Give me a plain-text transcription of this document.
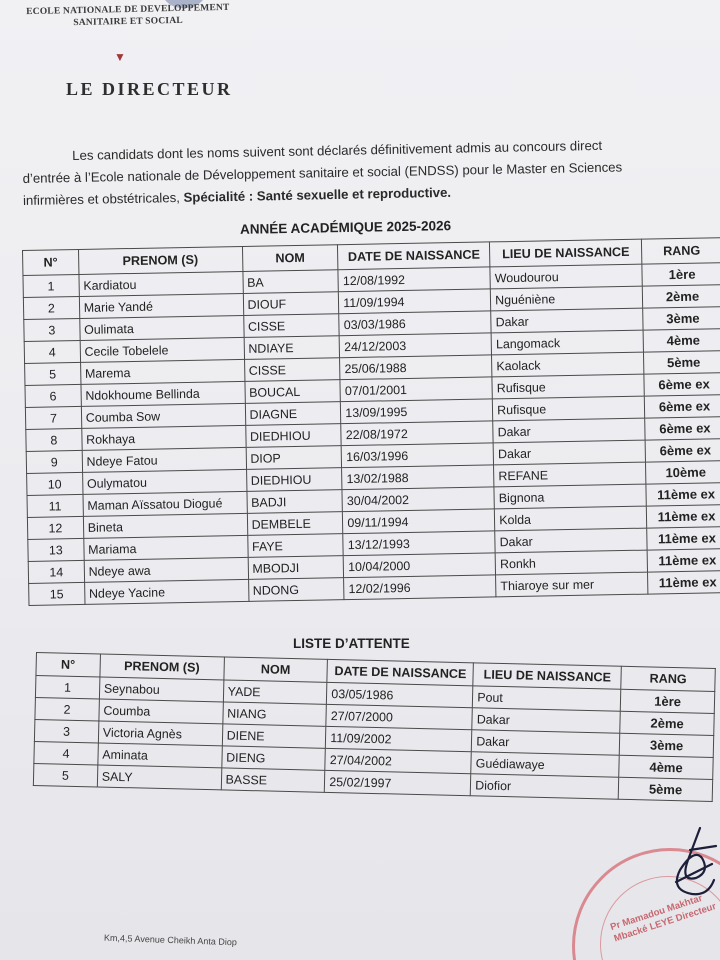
ECOLE NATIONALE DE DEVELOPPEMENT
SANITAIRE ET SOCIAL
▼
LE DIRECTEUR
Les candidats dont les noms suivent sont déclarés définitivement admis au concours direct
d’entrée à l’Ecole nationale de Développement sanitaire et social (ENDSS) pour le Master en Sciences
infirmières et obstétricales, Spécialité : Santé sexuelle et reproductive.
ANNÉE ACADÉMIQUE 2025-2026
N°	PRENOM (S)	NOM	DATE DE NAISSANCE	LIEU DE NAISSANCE	RANG
1	Kardiatou	BA	12/08/1992	Woudourou	1ère
2	Marie Yandé	DIOUF	11/09/1994	Nguéniène	2ème
3	Oulimata	CISSE	03/03/1986	Dakar	3ème
4	Cecile Tobelele	NDIAYE	24/12/2003	Langomack	4ème
5	Marema	CISSE	25/06/1988	Kaolack	5ème
6	Ndokhoume Bellinda	BOUCAL	07/01/2001	Rufisque	6ème ex
7	Coumba Sow	DIAGNE	13/09/1995	Rufisque	6ème ex
8	Rokhaya	DIEDHIOU	22/08/1972	Dakar	6ème ex
9	Ndeye Fatou	DIOP	16/03/1996	Dakar	6ème ex
10	Oulymatou	DIEDHIOU	13/02/1988	REFANE	10ème
11	Maman Aïssatou Diogué	BADJI	30/04/2002	Bignona	11ème ex
12	Bineta	DEMBELE	09/11/1994	Kolda	11ème ex
13	Mariama	FAYE	13/12/1993	Dakar	11ème ex
14	Ndeye awa	MBODJI	10/04/2000	Ronkh	11ème ex
15	Ndeye Yacine	NDONG	12/02/1996	Thiaroye sur mer	11ème ex
LISTE D’ATTENTE
N°	PRENOM (S)	NOM	DATE DE NAISSANCE	LIEU DE NAISSANCE	RANG
1	Seynabou	YADE	03/05/1986	Pout	1ère
2	Coumba	NIANG	27/07/2000	Dakar	2ème
3	Victoria Agnès	DIENE	11/09/2002	Dakar	3ème
4	Aminata	DIENG	27/04/2002	Guédiawaye	4ème
5	SALY	BASSE	25/02/1997	Diofior	5ème
Pr Mamadou Makhtar Mbacké LEYE Directeur
Km,4,5 Avenue Cheikh Anta Diop
